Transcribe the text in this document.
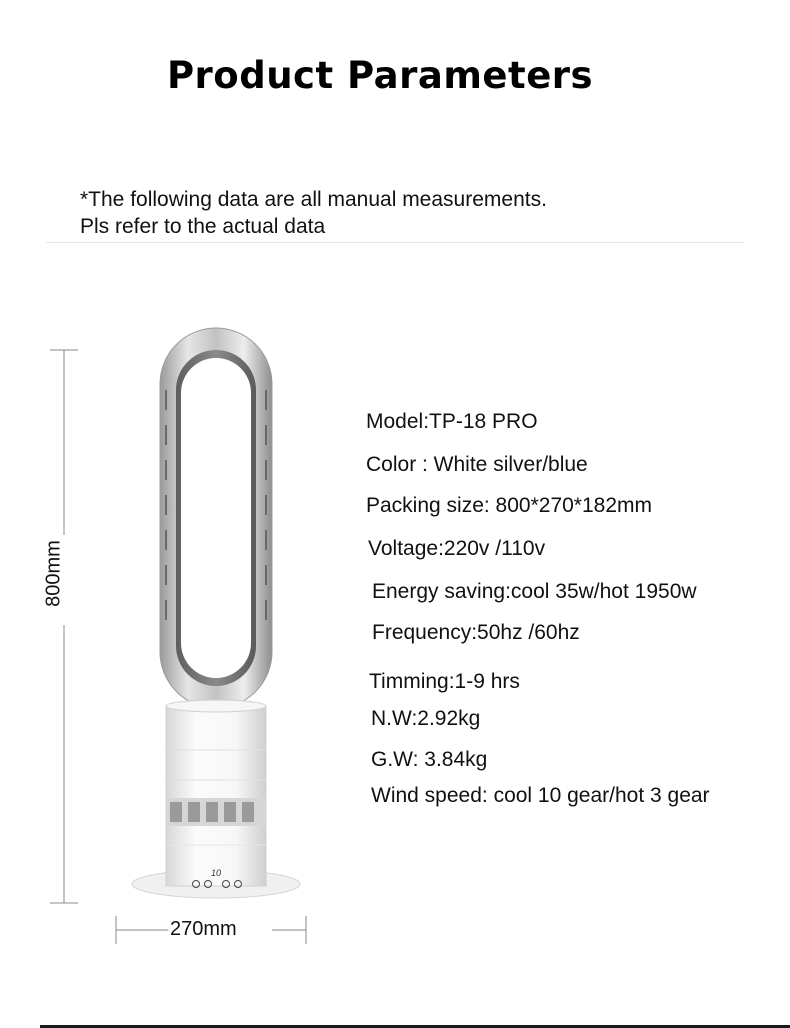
Product Parameters
*The following data are all manual measurements.
Pls refer to the actual data
10
800mm
270mm
Model:TP-18 PRO
Color : White silver/blue
Packing size: 800*270*182mm
Voltage:220v /110v
Energy saving:cool 35w/hot 1950w
Frequency:50hz /60hz
Timming:1-9 hrs
N.W:2.92kg
G.W: 3.84kg
Wind speed: cool 10 gear/hot 3 gear
